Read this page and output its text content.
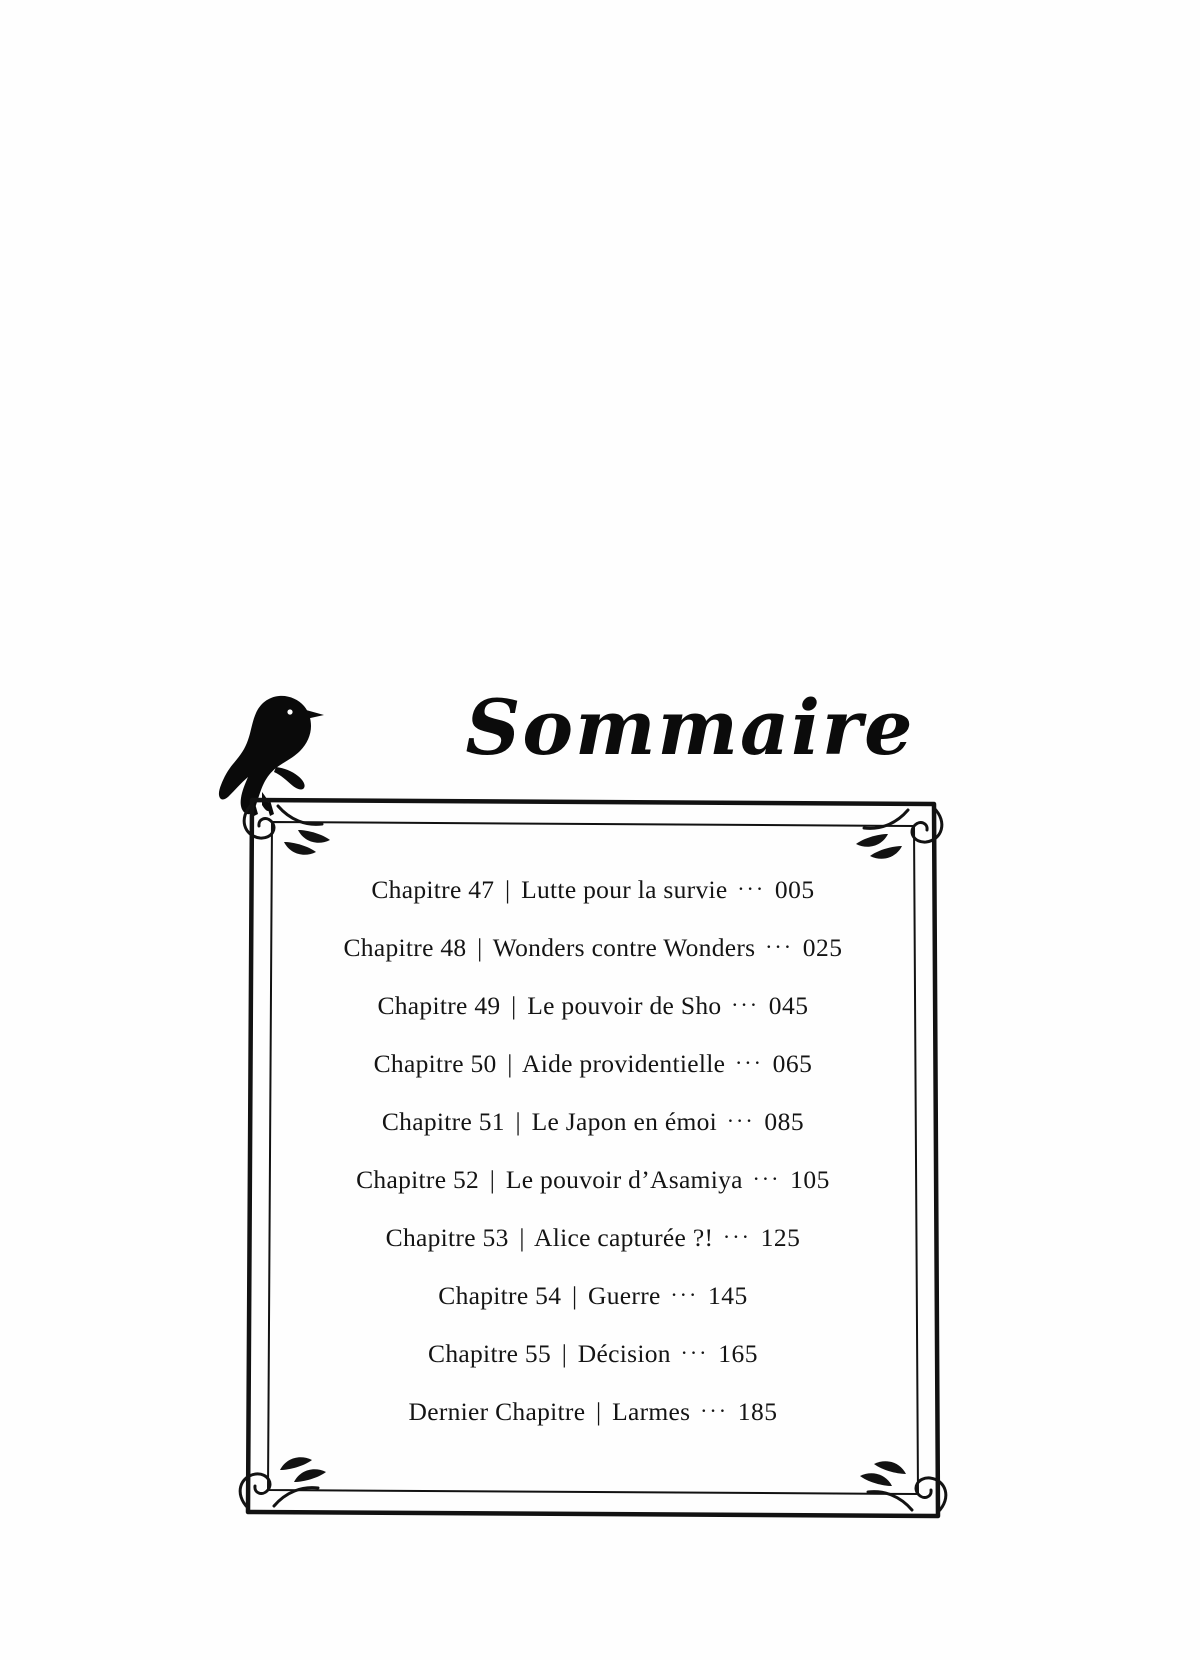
Sommaire
Chapitre 47 | Lutte pour la survie ··· 005
Chapitre 48 | Wonders contre Wonders ··· 025
Chapitre 49 | Le pouvoir de Sho ··· 045
Chapitre 50 | Aide providentielle ··· 065
Chapitre 51 | Le Japon en émoi ··· 085
Chapitre 52 | Le pouvoir d’Asamiya ··· 105
Chapitre 53 | Alice capturée ?! ··· 125
Chapitre 54 | Guerre ··· 145
Chapitre 55 | Décision ··· 165
Dernier Chapitre | Larmes ··· 185
